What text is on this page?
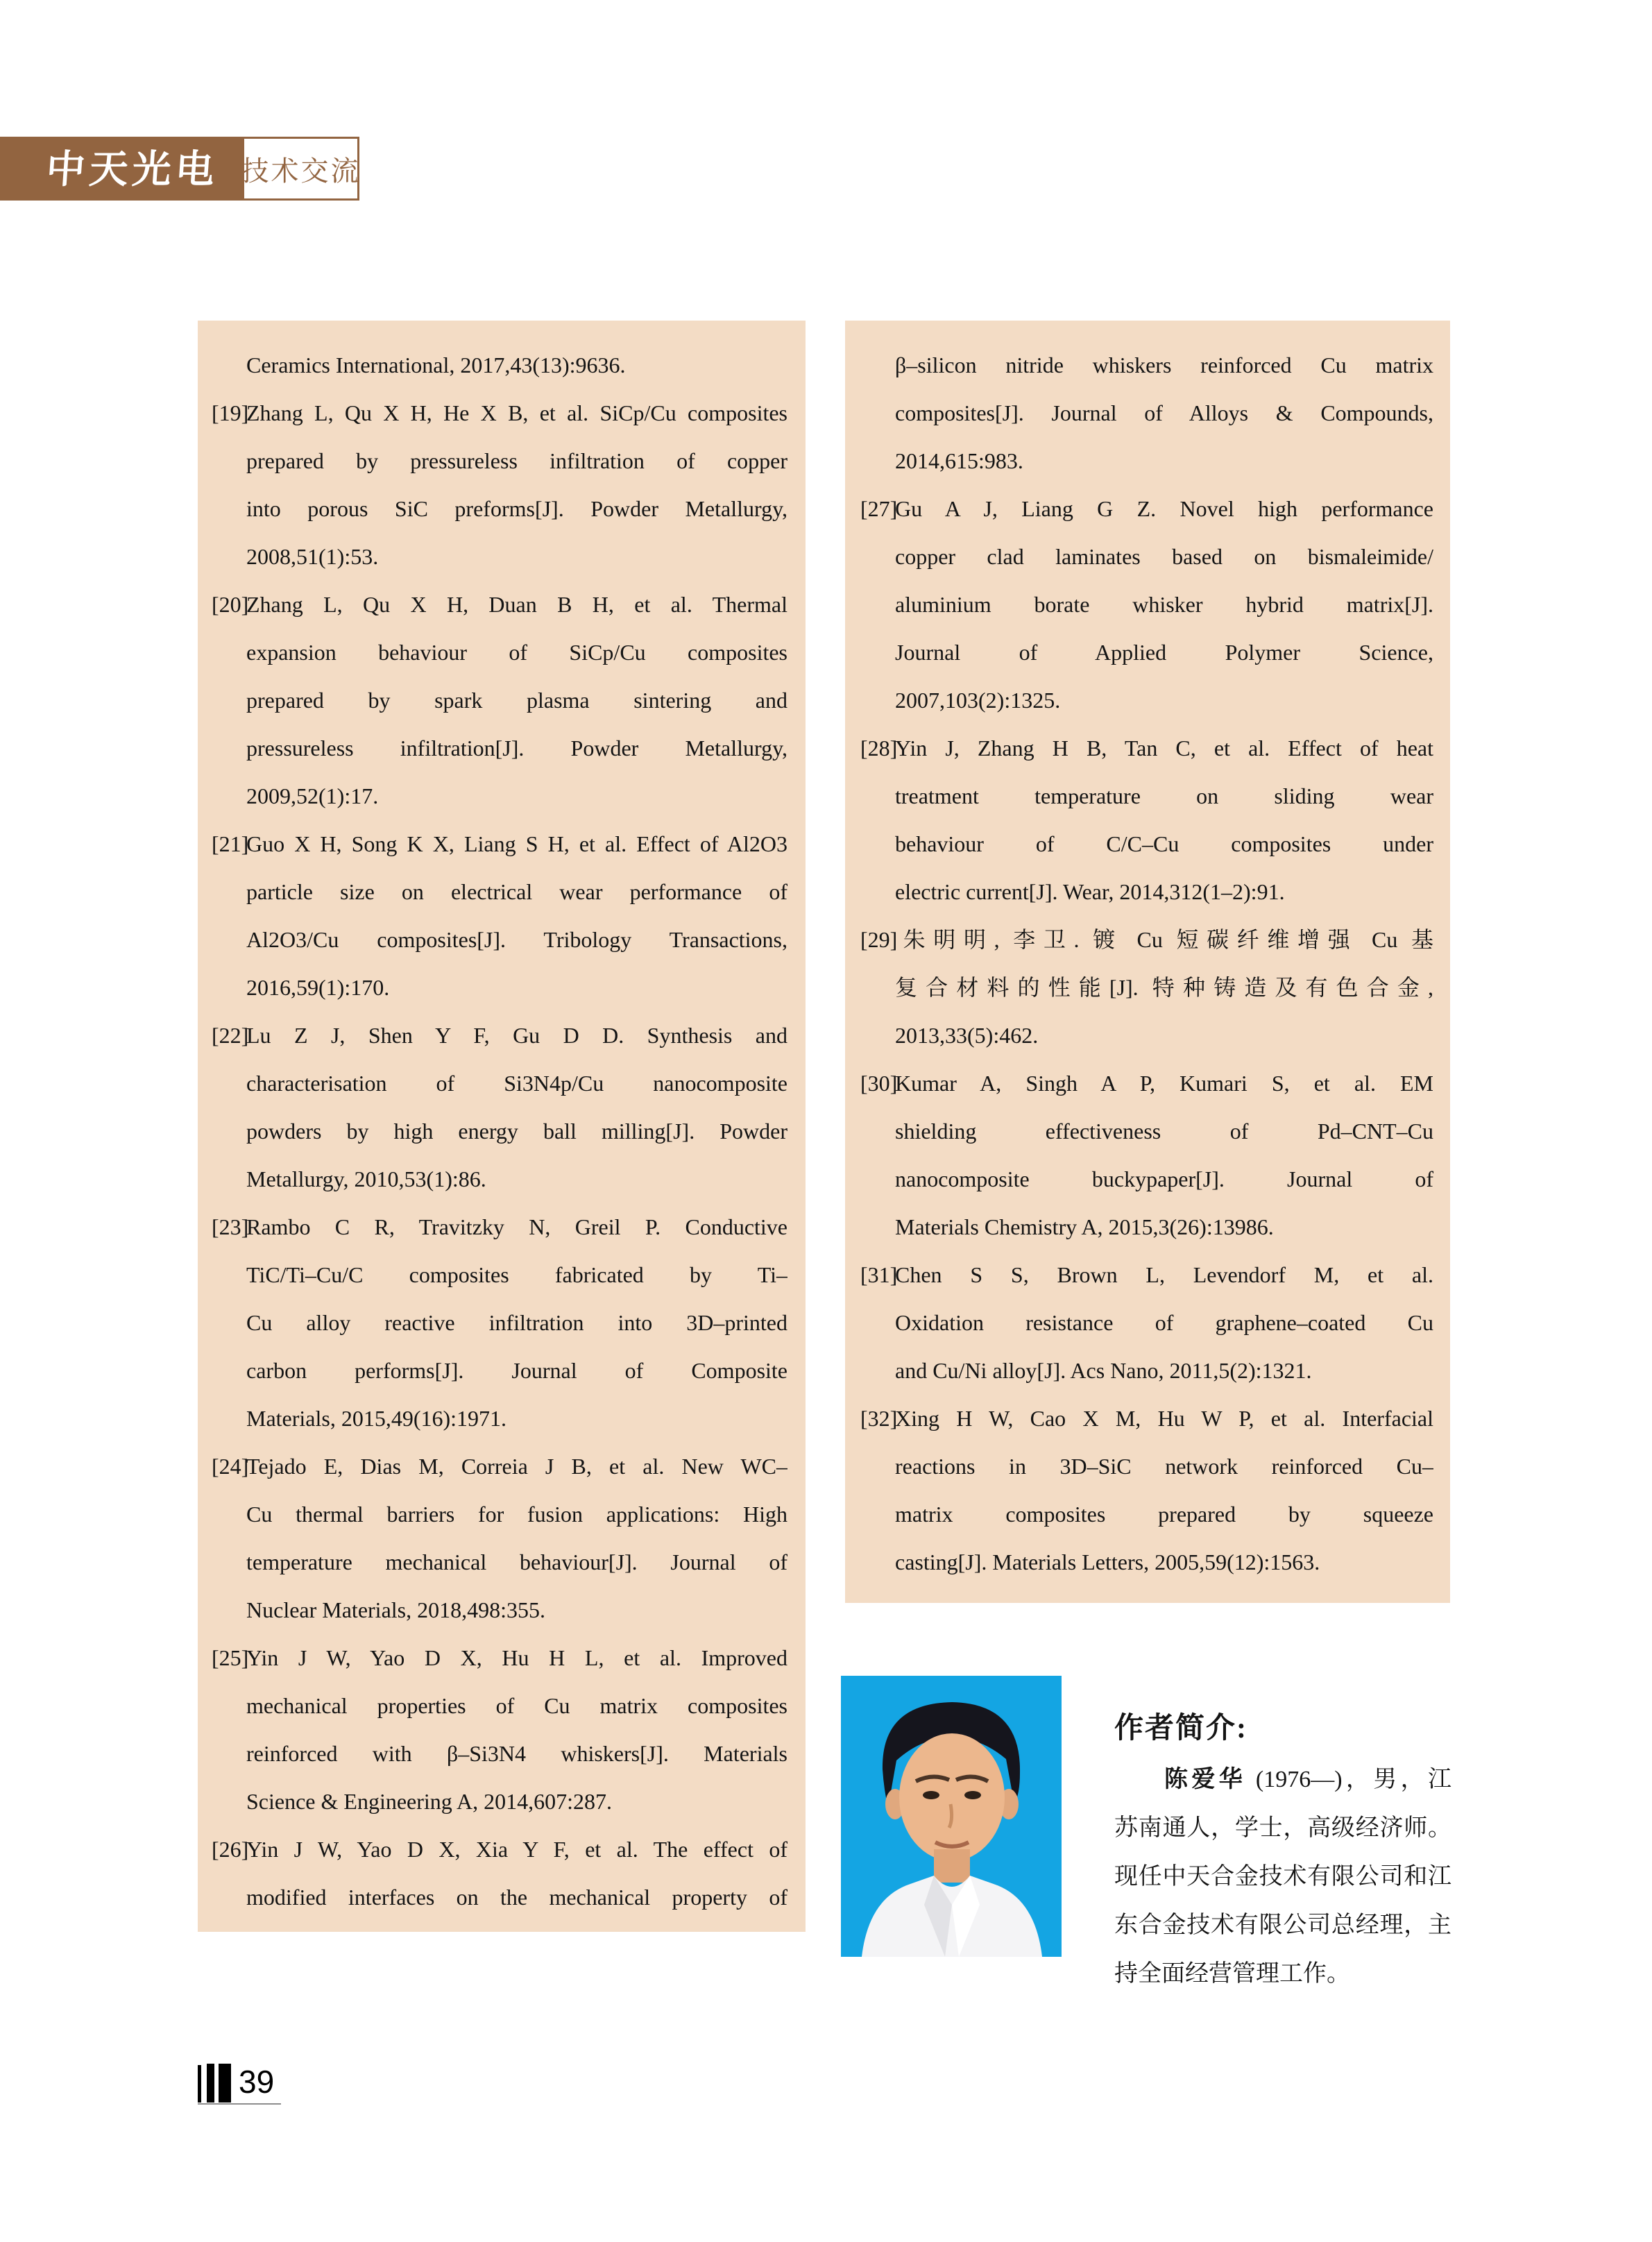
中天光电 技术交流
Ceramics International, 2017,43(13):9636.
[19]Zhang L, Qu X H, He X B, et al. SiCp/Cu composites
prepared by pressureless infiltration of copper
into porous SiC preforms[J]. Powder Metallurgy,
2008,51(1):53.
[20]Zhang L, Qu X H, Duan B H, et al. Thermal
expansion behaviour of SiCp/Cu composites
prepared by spark plasma sintering and
pressureless infiltration[J]. Powder Metallurgy,
2009,52(1):17.
[21]Guo X H, Song K X, Liang S H, et al. Effect of Al2O3
particle size on electrical wear performance of
Al2O3/Cu composites[J]. Tribology Transactions,
2016,59(1):170.
[22]Lu Z J, Shen Y F, Gu D D. Synthesis and
characterisation of Si3N4p/Cu nanocomposite
powders by high energy ball milling[J]. Powder
Metallurgy, 2010,53(1):86.
[23]Rambo C R, Travitzky N, Greil P. Conductive
TiC/Ti–Cu/C composites fabricated by Ti–
Cu alloy reactive infiltration into 3D–printed
carbon performs[J]. Journal of Composite
Materials, 2015,49(16):1971.
[24]Tejado E, Dias M, Correia J B, et al. New WC–
Cu thermal barriers for fusion applications: High
temperature mechanical behaviour[J]. Journal of
Nuclear Materials, 2018,498:355.
[25]Yin J W, Yao D X, Hu H L, et al. Improved
mechanical properties of Cu matrix composites
reinforced with β–Si3N4 whiskers[J]. Materials
Science & Engineering A, 2014,607:287.
[26]Yin J W, Yao D X, Xia Y F, et al. The effect of
modified interfaces on the mechanical property of
β–silicon nitride whiskers reinforced Cu matrix
composites[J]. Journal of Alloys & Compounds,
2014,615:983.
[27]Gu A J, Liang G Z. Novel high performance
copper clad laminates based on bismaleimide/
aluminium borate whisker hybrid matrix[J].
Journal of Applied Polymer Science,
2007,103(2):1325.
[28]Yin J, Zhang H B, Tan C, et al. Effect of heat
treatment temperature on sliding wear
behaviour of C/C–Cu composites under
electric current[J]. Wear, 2014,312(1–2):91.
[29]朱明明, 李卫. 镀 Cu 短碳纤维增强 Cu 基
复合材料的性能[J]. 特种铸造及有色合金,
2013,33(5):462.
[30]Kumar A, Singh A P, Kumari S, et al. EM
shielding effectiveness of Pd–CNT–Cu
nanocomposite buckypaper[J]. Journal of
Materials Chemistry A, 2015,3(26):13986.
[31]Chen S S, Brown L, Levendorf M, et al.
Oxidation resistance of graphene–coated Cu
and Cu/Ni alloy[J]. Acs Nano, 2011,5(2):1321.
[32]Xing H W, Cao X M, Hu W P, et al. Interfacial
reactions in 3D–SiC network reinforced Cu–
matrix composites prepared by squeeze
casting[J]. Materials Letters, 2005,59(12):1563.
作者简介:
陈爱华 (1976—)，男，江
苏南通人，学士，高级经济师。
现任中天合金技术有限公司和江
东合金技术有限公司总经理，主
持全面经营管理工作。
39
